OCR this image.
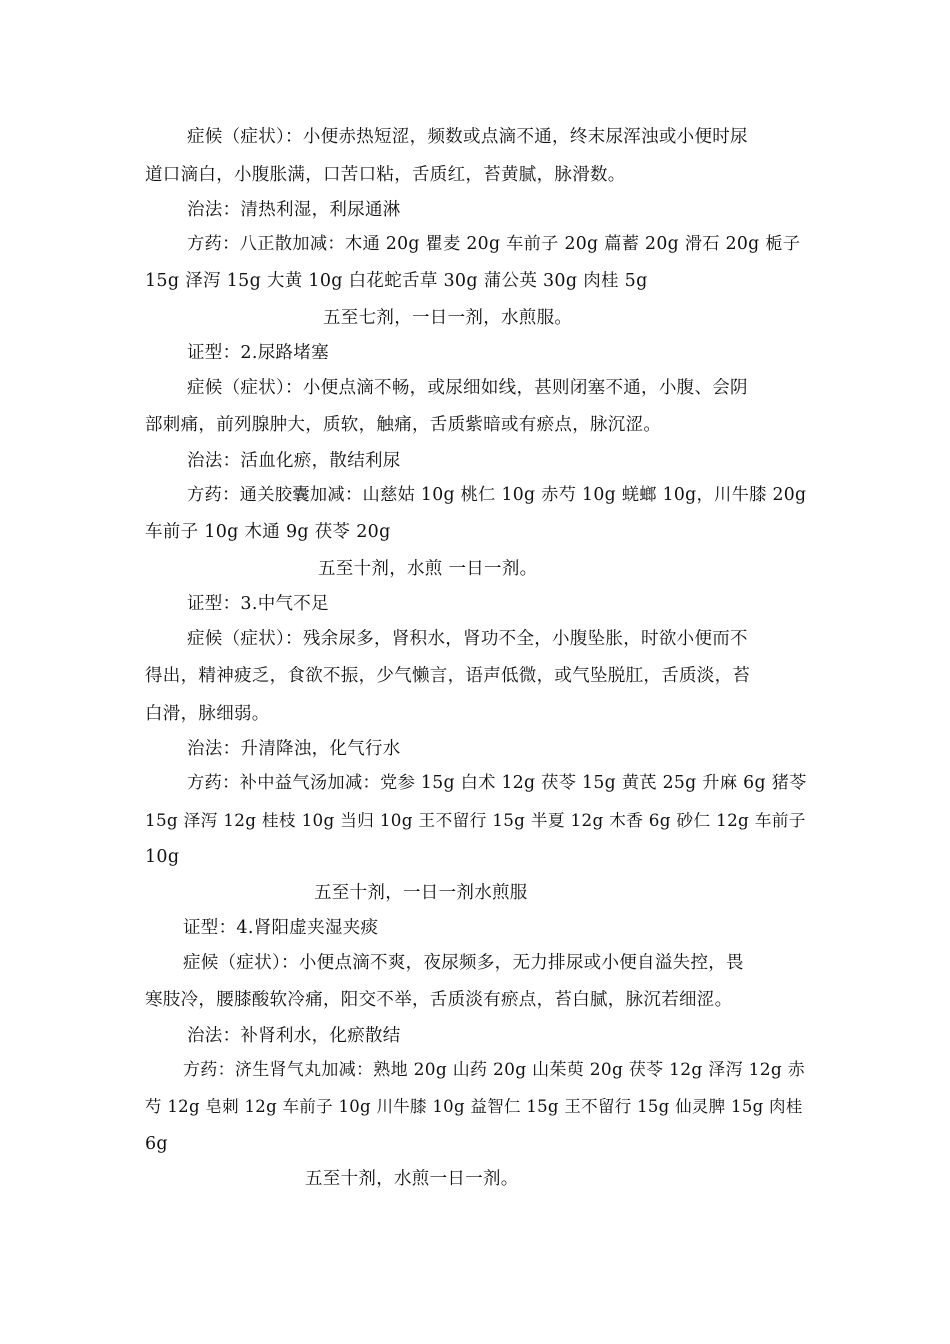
症候（症状）：小便赤热短涩，频数或点滴不通，终末尿浑浊或小便时尿
道口滴白，小腹胀满，口苦口粘，舌质红，苔黄腻，脉滑数。
治法：清热利湿，利尿通淋
方药：八正散加减：木通 20g 瞿麦 20g 车前子 20g 萹蓄 20g 滑石 20g 栀子
15g 泽泻 15g 大黄 10g 白花蛇舌草 30g 蒲公英 30g 肉桂 5g
五至七剂，一日一剂，水煎服。
证型：2.尿路堵塞
症候（症状）：小便点滴不畅，或尿细如线，甚则闭塞不通，小腹、会阴
部刺痛，前列腺肿大，质软，触痛，舌质紫暗或有瘀点，脉沉涩。
治法：活血化瘀，散结利尿
方药：通关胶囊加减：山慈姑 10g 桃仁 10g 赤芍 10g 蜣螂 10g，川牛膝 20g
车前子 10g 木通 9g 茯苓 20g
五至十剂，水煎 一日一剂。
证型：3.中气不足
症候（症状）：残余尿多，肾积水，肾功不全，小腹坠胀，时欲小便而不
得出，精神疲乏，食欲不振，少气懒言，语声低微，或气坠脱肛，舌质淡，苔
白滑，脉细弱。
治法：升清降浊，化气行水
方药：补中益气汤加减：党参 15g 白术 12g 茯苓 15g 黄芪 25g 升麻 6g 猪苓
15g 泽泻 12g 桂枝 10g 当归 10g 王不留行 15g 半夏 12g 木香 6g 砂仁 12g 车前子
10g
五至十剂，一日一剂水煎服
证型：4.肾阳虚夹湿夹痰
症候（症状）：小便点滴不爽，夜尿频多，无力排尿或小便自溢失控，畏
寒肢冷，腰膝酸软冷痛，阳交不举，舌质淡有瘀点，苔白腻，脉沉若细涩。
治法：补肾利水，化瘀散结
方药：济生肾气丸加减：熟地 20g 山药 20g 山茱萸 20g 茯苓 12g 泽泻 12g 赤
芍 12g 皂刺 12g 车前子 10g 川牛膝 10g 益智仁 15g 王不留行 15g 仙灵脾 15g 肉桂
6g
五至十剂，水煎一日一剂。
